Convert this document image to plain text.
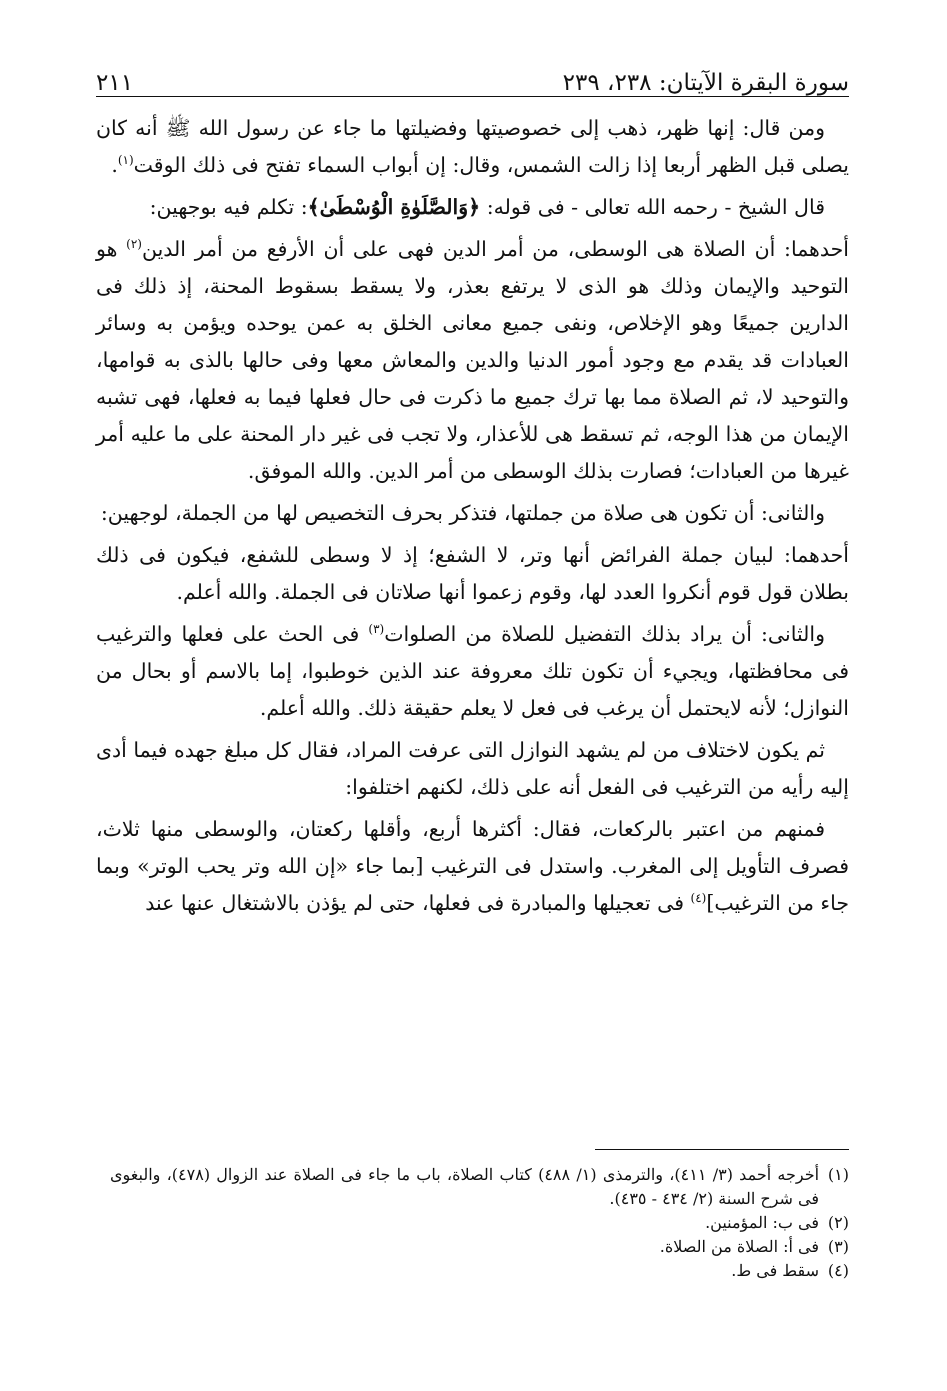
سورة البقرة الآيتان: ٢٣٨، ٢٣٩
٢١١

ومن قال: إنها ظهر، ذهب إلى خصوصيتها وفضيلتها ما جاء عن رسول الله ﷺ أنه كان يصلى قبل الظهر أربعا إذا زالت الشمس، وقال: إن أبواب السماء تفتح فى ذلك الوقت$^{(١)}$.

قال الشيخ - رحمه الله تعالى - فى قوله: ﴿وَالصَّلَوٰةِ الْوُسْطَىٰ﴾: تكلم فيه بوجهين:

أحدهما: أن الصلاة هى الوسطى، من أمر الدين فهى على أن الأرفع من أمر الدين$^{(٢)}$ هو التوحيد والإيمان وذلك هو الذى لا يرتفع بعذر، ولا يسقط بسقوط المحنة، إذ ذلك فى الدارين جميعًا وهو الإخلاص، ونفى جميع معانى الخلق به عمن يوحده ويؤمن به وسائر العبادات قد يقدم مع وجود أمور الدنيا والدين والمعاش معها وفى حالها بالذى به قوامها، والتوحيد لا، ثم الصلاة مما بها ترك جميع ما ذكرت فى حال فعلها فيما به فعلها، فهى تشبه الإيمان من هذا الوجه، ثم تسقط هى للأعذار، ولا تجب فى غير دار المحنة على ما عليه أمر غيرها من العبادات؛ فصارت بذلك الوسطى من أمر الدين. والله الموفق.

والثانى: أن تكون هى صلاة من جملتها، فتذكر بحرف التخصيص لها من الجملة، لوجهين:

أحدهما: لبيان جملة الفرائض أنها وتر، لا الشفع؛ إذ لا وسطى للشفع، فيكون فى ذلك بطلان قول قوم أنكروا العدد لها، وقوم زعموا أنها صلاتان فى الجملة. والله أعلم.

والثانى: أن يراد بذلك التفضيل للصلاة من الصلوات$^{(٣)}$ فى الحث على فعلها والترغيب فى محافظتها، ويجيء أن تكون تلك معروفة عند الذين خوطبوا، إما بالاسم أو بحال من النوازل؛ لأنه لايحتمل أن يرغب فى فعل لا يعلم حقيقة ذلك. والله أعلم.

ثم يكون لاختلاف من لم يشهد النوازل التى عرفت المراد، فقال كل مبلغ جهده فيما أدى إليه رأيه من الترغيب فى الفعل أنه على ذلك، لكنهم اختلفوا:

فمنهم من اعتبر بالركعات، فقال: أكثرها أربع، وأقلها ركعتان، والوسطى منها ثلاث، فصرف التأويل إلى المغرب. واستدل فى الترغيب [بما جاء «إن الله وتر يحب الوتر» وبما جاء من الترغيب]$^{(٤)}$ فى تعجيلها والمبادرة فى فعلها، حتى لم يؤذن بالاشتغال عنها عند

(١)
أخرجه أحمد (٣/ ٤١١)، والترمذى (١/ ٤٨٨) كتاب الصلاة، باب ما جاء فى الصلاة عند الزوال (٤٧٨)، والبغوى فى شرح السنة (٢/ ٤٣٤ - ٤٣٥).
(٢)
فى ب: المؤمنين.
(٣)
فى أ: الصلاة من الصلاة.
(٤)
سقط فى ط.
